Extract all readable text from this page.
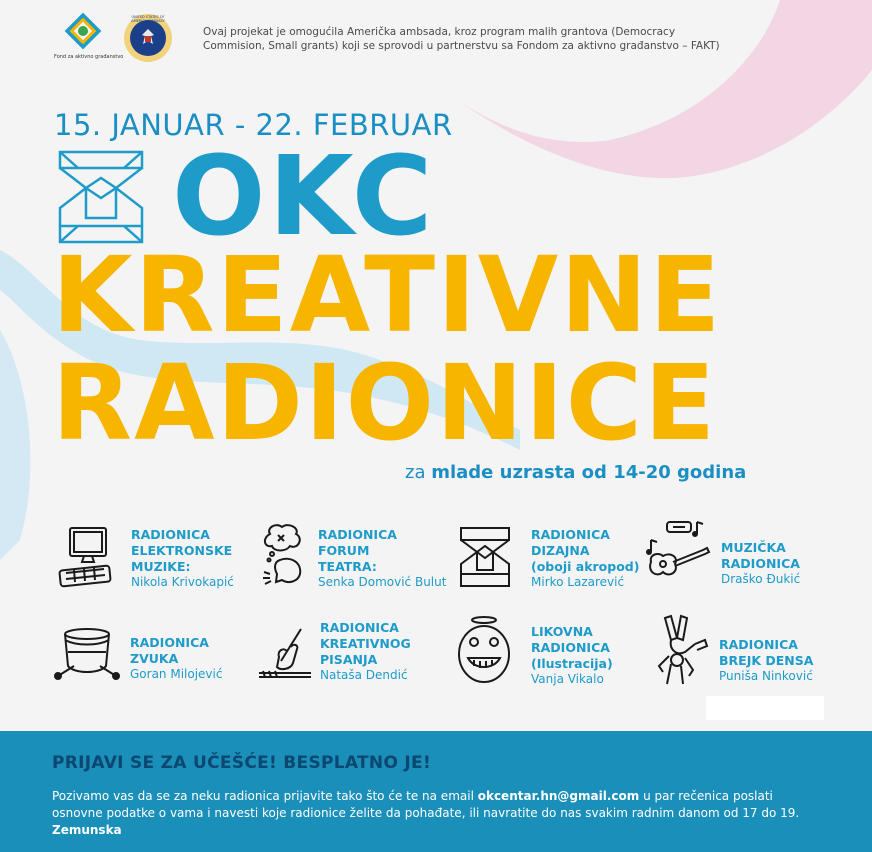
Fond za aktivno građanstvo
UNITED STATES OF AMERICA EMBASSY
Ovaj projekat je omogućila Američka ambsada, kroz program malih grantova (Democracy Commision, Small grants) koji se sprovodi u partnerstvu sa Fondom za aktivno građanstvo – FAKT)
15. JANUAR - 22. FEBRUAR
OKC
KREATIVNE
RADIONICE
za mlade uzrasta od 14-20 godina
RADIONICA
ELEKTRONSKE
MUZIKE:
Nikola Krivokapić
RADIONICA
FORUM
TEATRA:
Senka Domović Bulut
RADIONICA
DIZAJNA
(oboji akropod)
Mirko Lazarević
MUZIČKA
RADIONICA
Draško Đukić
RADIONICA
ZVUKA
Goran Milojević
RADIONICA
KREATIVNOG
PISANJA
Nataša Dendić
LIKOVNA
RADIONICA
(Ilustracija)
Vanja Vikalo
RADIONICA
BREJK DENSA
Puniša Ninković
PRIJAVI SE ZA UČEŠĆE! BESPLATNO JE!
Pozivamo vas da se za neku radionica prijavite tako što će te na email okcentar.hn@gmail.com u par rečenica poslati osnovne podatke o vama i navesti koje radionice želite da pohađate, ili navratite do nas svakim radnim danom od 17 do 19. Zemunska
